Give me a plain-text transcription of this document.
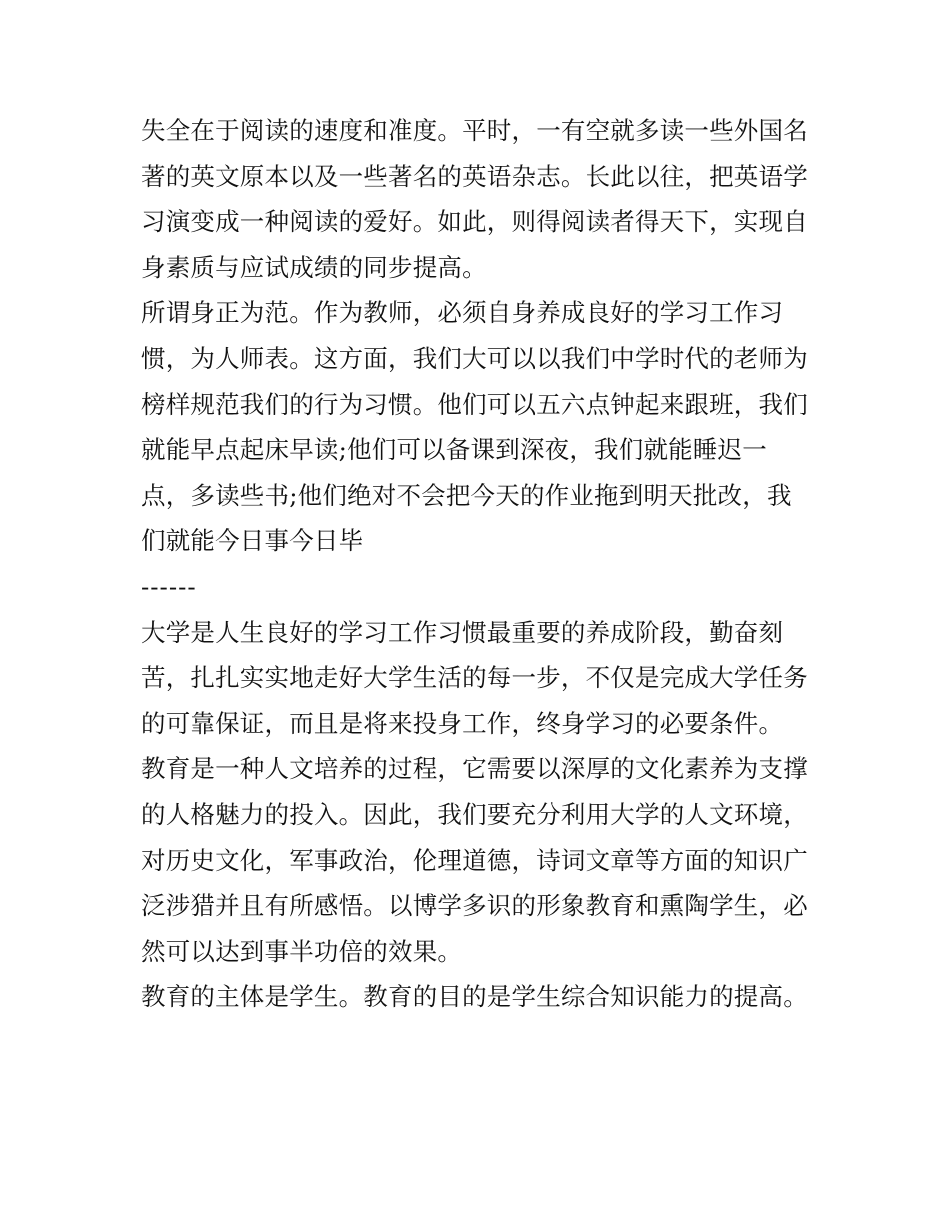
失全在于阅读的速度和准度。平时，一有空就多读一些外国名
著的英文原本以及一些著名的英语杂志。长此以往，把英语学
习演变成一种阅读的爱好。如此，则得阅读者得天下，实现自
身素质与应试成绩的同步提高。
所谓身正为范。作为教师，必须自身养成良好的学习工作习
惯，为人师表。这方面，我们大可以以我们中学时代的老师为
榜样规范我们的行为习惯。他们可以五六点钟起来跟班，我们
就能早点起床早读;他们可以备课到深夜，我们就能睡迟一
点，多读些书;他们绝对不会把今天的作业拖到明天批改，我
们就能今日事今日毕
------
大学是人生良好的学习工作习惯最重要的养成阶段，勤奋刻
苦，扎扎实实地走好大学生活的每一步，不仅是完成大学任务
的可靠保证，而且是将来投身工作，终身学习的必要条件。
教育是一种人文培养的过程，它需要以深厚的文化素养为支撑
的人格魅力的投入。因此，我们要充分利用大学的人文环境，
对历史文化，军事政治，伦理道德，诗词文章等方面的知识广
泛涉猎并且有所感悟。以博学多识的形象教育和熏陶学生，必
然可以达到事半功倍的效果。
教育的主体是学生。教育的目的是学生综合知识能力的提高。
